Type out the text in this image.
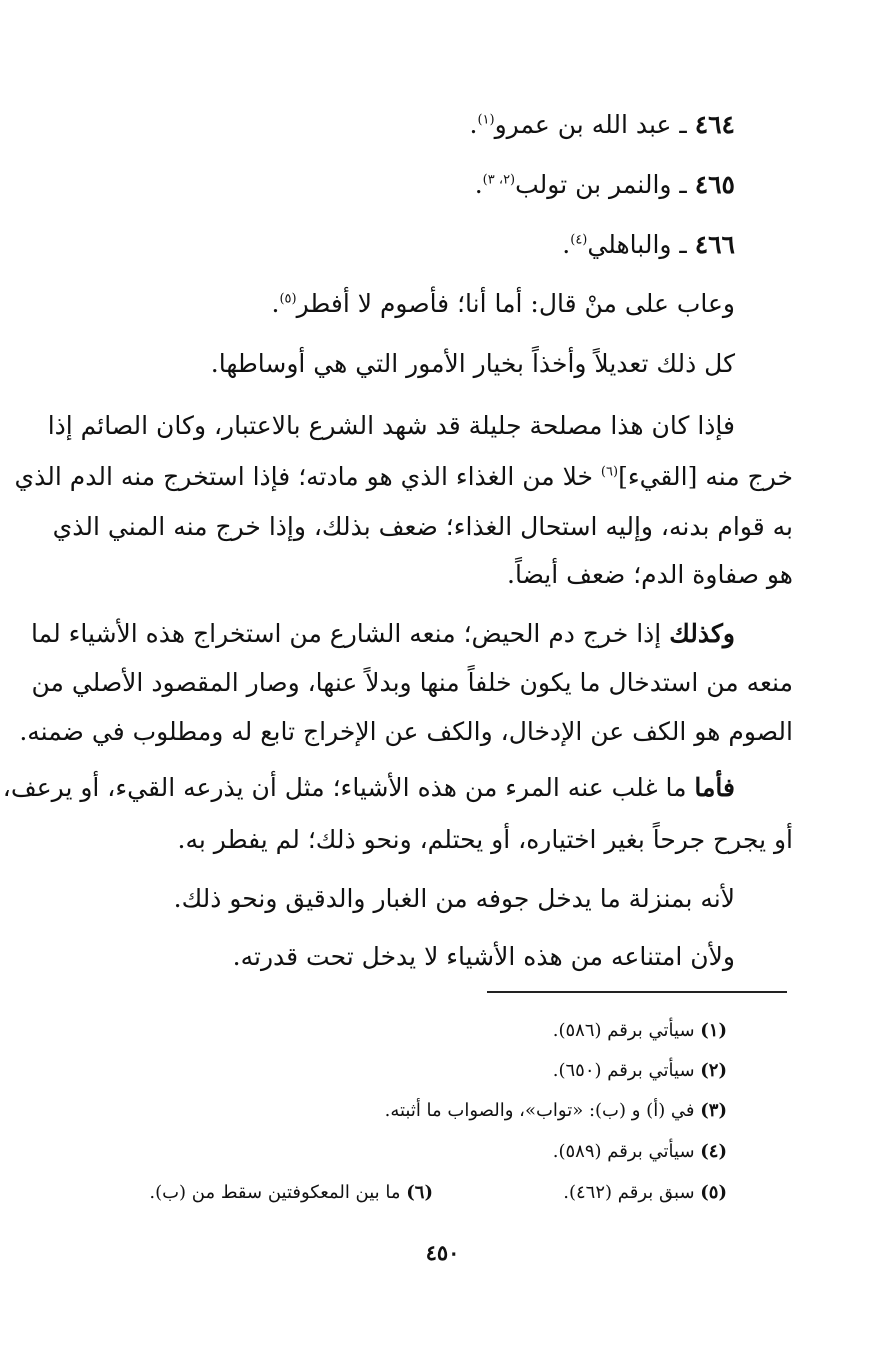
٤٦٤ ـ عبد الله بن عمرو$^{(١)}$.
٤٦٥ ـ والنمر بن تولب$^{(٢، ٣)}$.
٤٦٦ ـ والباهلي$^{(٤)}$.
وعاب على منْ قال: أما أنا؛ فأصوم لا أفطر$^{(٥)}$.
كل ذلك تعديلاً وأخذاً بخيار الأمور التي هي أوساطها.
فإذا كان هذا مصلحة جليلة قد شهد الشرع بالاعتبار، وكان الصائم إذا
خرج منه [القيء]$^{(٦)}$ خلا من الغذاء الذي هو مادته؛ فإذا استخرج منه الدم الذي
به قوام بدنه، وإليه استحال الغذاء؛ ضعف بذلك، وإذا خرج منه المني الذي
هو صفاوة الدم؛ ضعف أيضاً.
وكذلك إذا خرج دم الحيض؛ منعه الشارع من استخراج هذه الأشياء لما
منعه من استدخال ما يكون خلفاً منها وبدلاً عنها، وصار المقصود الأصلي من
الصوم هو الكف عن الإدخال، والكف عن الإخراج تابع له ومطلوب في ضمنه.
فأما ما غلب عنه المرء من هذه الأشياء؛ مثل أن يذرعه القيء، أو يرعف،
أو يجرح جرحاً بغير اختياره، أو يحتلم، ونحو ذلك؛ لم يفطر به.
لأنه بمنزلة ما يدخل جوفه من الغبار والدقيق ونحو ذلك.
ولأن امتناعه من هذه الأشياء لا يدخل تحت قدرته.
(١) سيأتي برقم (٥٨٦).
(٢) سيأتي برقم (٦٥٠).
(٣) في (أ) و (ب): «تواب»، والصواب ما أثبته.
(٤) سيأتي برقم (٥٨٩).
(٥) سبق برقم (٤٦٢).
(٦) ما بين المعكوفتين سقط من (ب).
٤٥٠
